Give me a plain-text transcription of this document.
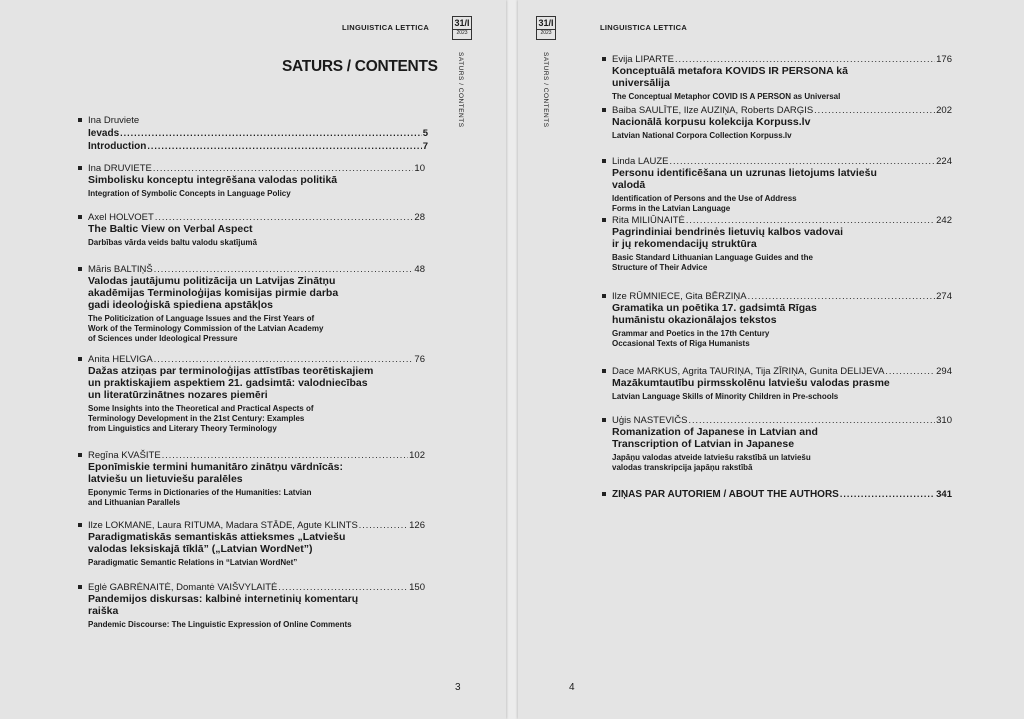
LINGUISTICA LETTICA	31/I
2023
SATURS / CONTENTS
SATURS / CONTENTS
Ina Druviete
Ievads .....	5
Introduction .....	7
Ina DRUVIETE .....	10
Simbolisku konceptu integrēšana valodas politikā
Integration of Symbolic Concepts in Language Policy
Axel HOLVOET .....	28
The Baltic View on Verbal Aspect
Darbības vārda veids baltu valodu skatījumā
Māris BALTIŅŠ .....	48
Valodas jautājumu politizācija un Latvijas Zinātņu akadēmijas Terminoloģijas komisijas pirmie darba gadi ideoloģiskā spiediena apstākļos
The Politicization of Language Issues and the First Years of Work of the Terminology Commission of the Latvian Academy of Sciences under Ideological Pressure
Anita HELVIGA .....	76
Dažas atziņas par terminoloģijas attīstības teorētiskajiem un praktiskajiem aspektiem 21. gadsimtā: valodniecības un literatūrzinātnes nozares piemēri
Some Insights into the Theoretical and Practical Aspects of Terminology Development in the 21st Century: Examples from Linguistics and Literary Theory Terminology
Regīna KVAŠITE .....	102
Eponīmiskie termini humanitāro zinātņu vārdnīcās: latviešu un lietuviešu paralēles
Eponymic Terms in Dictionaries of the Humanities: Latvian and Lithuanian Parallels
Ilze LOKMANE, Laura RITUMA, Madara STĀDE, Agute KLINTS .....	126
Paradigmatiskās semantiskās attieksmes „Latviešu valodas leksiskajā tīklā” („Latvian WordNet”)
Paradigmatic Semantic Relations in “Latvian WordNet”
Eglė GABRĖNAITĖ, Domantė VAIŠVYLAITĖ .....	150
Pandemijos diskursas: kalbinė internetinių komentarų raiška
Pandemic Discourse: The Linguistic Expression of Online Comments
3
31/I
2023
LINGUISTICA LETTICA
SATURS / CONTENTS	Evija LIPARTE .....	176
Konceptuālā metafora KOVIDS IR PERSONA kā universālija
The Conceptual Metaphor COVID IS A PERSON as Universal
Baiba SAULĪTE, Ilze AUZIŅA, Roberts DARĢIS .....	202
Nacionālā korpusu kolekcija Korpuss.lv
Latvian National Corpora Collection Korpuss.lv
Linda LAUZE .....	224
Personu identificēšana un uzrunas lietojums latviešu valodā
Identification of Persons and the Use of Address Forms in the Latvian Language
Rita MILIŪNAITĖ .....	242
Pagrindiniai bendrinės lietuvių kalbos vadovai ir jų rekomendacijų struktūra
Basic Standard Lithuanian Language Guides and the Structure of Their Advice
Ilze RŪMNIECE, Gita BĒRZIŅA .....	274
Gramatika un poētika 17. gadsimtā Rīgas humānistu okazionālajos tekstos
Grammar and Poetics in the 17th Century Occasional Texts of Riga Humanists
Dace MARKUS, Agrita TAURIŅA, Tija ZĪRIŅA, Gunita DELIJEVA .....	294
Mazākumtautību pirmsskolēnu latviešu valodas prasme
Latvian Language Skills of Minority Children in Pre-schools
Uģis NASTEVIČS .....	310
Romanization of Japanese in Latvian and Transcription of Latvian in Japanese
Japāņu valodas atveide latviešu rakstībā un latviešu valodas transkripcija japāņu rakstībā
ZIŅAS PAR AUTORIEM / ABOUT THE AUTHORS .....	341
4
